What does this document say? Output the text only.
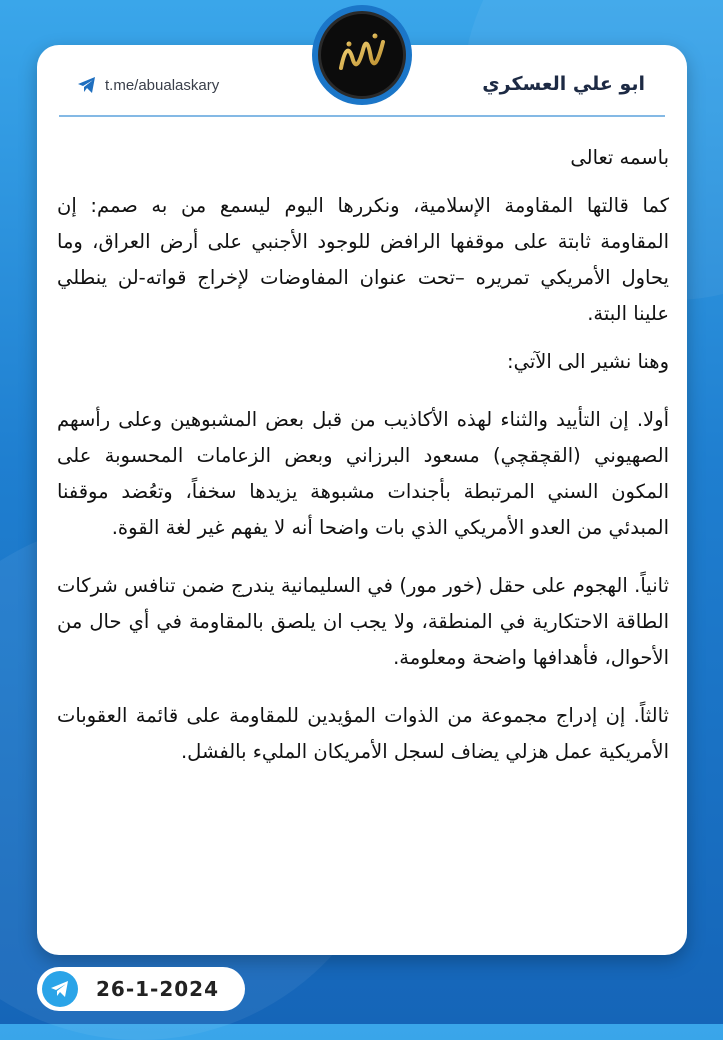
t.me/abualaskary	ابو علي العسكري

باسمه تعالى

كما قالتها المقاومة الإسلامية، ونكررها اليوم ليسمع من به صمم: إن المقاومة ثابتة على موقفها الرافض للوجود الأجنبي على أرض العراق، وما يحاول الأمريكي تمريره –تحت عنوان المفاوضات لإخراج قواته-لن ينطلي علينا البتة.

وهنا نشير الى الآتي:

أولا. إن التأييد والثناء لهذه الأكاذيب من قبل بعض المشبوهين وعلى رأسهم الصهيوني (القچقچي) مسعود البرزاني وبعض الزعامات المحسوبة على المكون السني المرتبطة بأجندات مشبوهة يزيدها سخفاً، وتعُضد موقفنا المبدئي من العدو الأمريكي الذي بات واضحا أنه لا يفهم غير لغة القوة.

ثانياً. الهجوم على حقل (خور مور) في السليمانية يندرج ضمن تنافس شركات الطاقة الاحتكارية في المنطقة، ولا يجب ان يلصق بالمقاومة في أي حال من الأحوال، فأهدافها واضحة ومعلومة.

ثالثاً. إن إدراج مجموعة من الذوات المؤيدين للمقاومة على قائمة العقوبات الأمريكية عمل هزلي يضاف لسجل الأمريكان المليء بالفشل.

26-1-2024
